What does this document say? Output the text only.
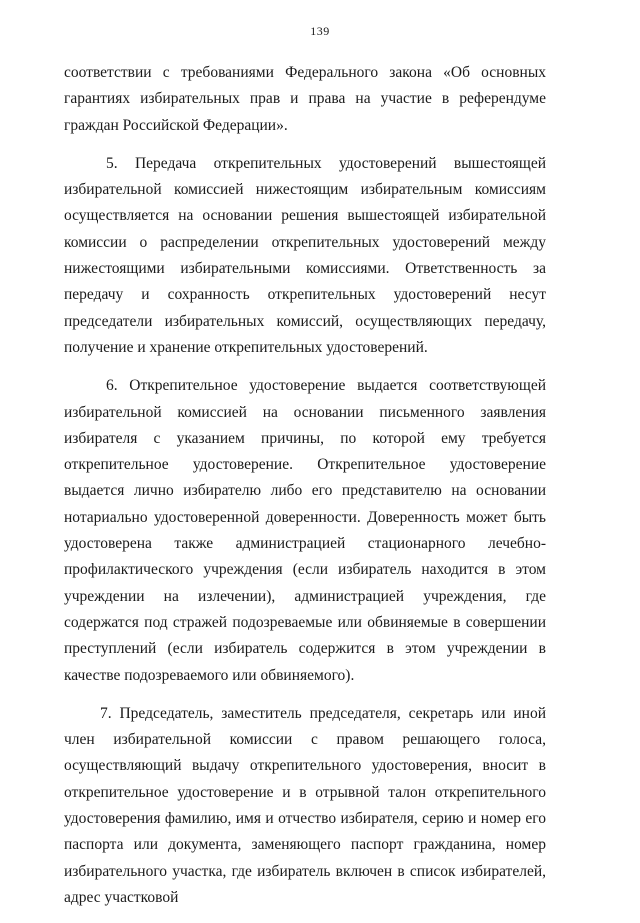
139

соответствии с требованиями Федерального закона «Об основных гарантиях избирательных прав и права на участие в референдуме граждан Российской Федерации».

5. Передача открепительных удостоверений вышестоящей избирательной комиссией нижестоящим избирательным комиссиям осуществляется на основании решения вышестоящей избирательной комиссии о распределении открепительных удостоверений между нижестоящими избирательными комиссиями. Ответственность за передачу и сохранность открепительных удостоверений несут председатели избирательных комиссий, осуществляющих передачу, получение и хранение открепительных удостоверений.

6. Открепительное удостоверение выдается соответствующей избирательной комиссией на основании письменного заявления избирателя с указанием причины, по которой ему требуется открепительное удостоверение. Открепительное удостоверение выдается лично избирателю либо его представителю на основании нотариально удостоверенной доверенности. Доверенность может быть удостоверена также администрацией стационарного лечебно-профилактического учреждения (если избиратель находится в этом учреждении на излечении), администрацией учреждения, где содержатся под стражей подозреваемые или обвиняемые в совершении преступлений (если избиратель содержится в этом учреждении в качестве подозреваемого или обвиняемого).

7. Председатель, заместитель председателя, секретарь или иной член избирательной комиссии с правом решающего голоса, осуществляющий выдачу открепительного удостоверения, вносит в открепительное удостоверение и в отрывной талон открепительного удостоверения фамилию, имя и отчество избирателя, серию и номер его паспорта или документа, заменяющего паспорт гражданина, номер избирательного участка, где избиратель включен в список избирателей, адрес участковой
